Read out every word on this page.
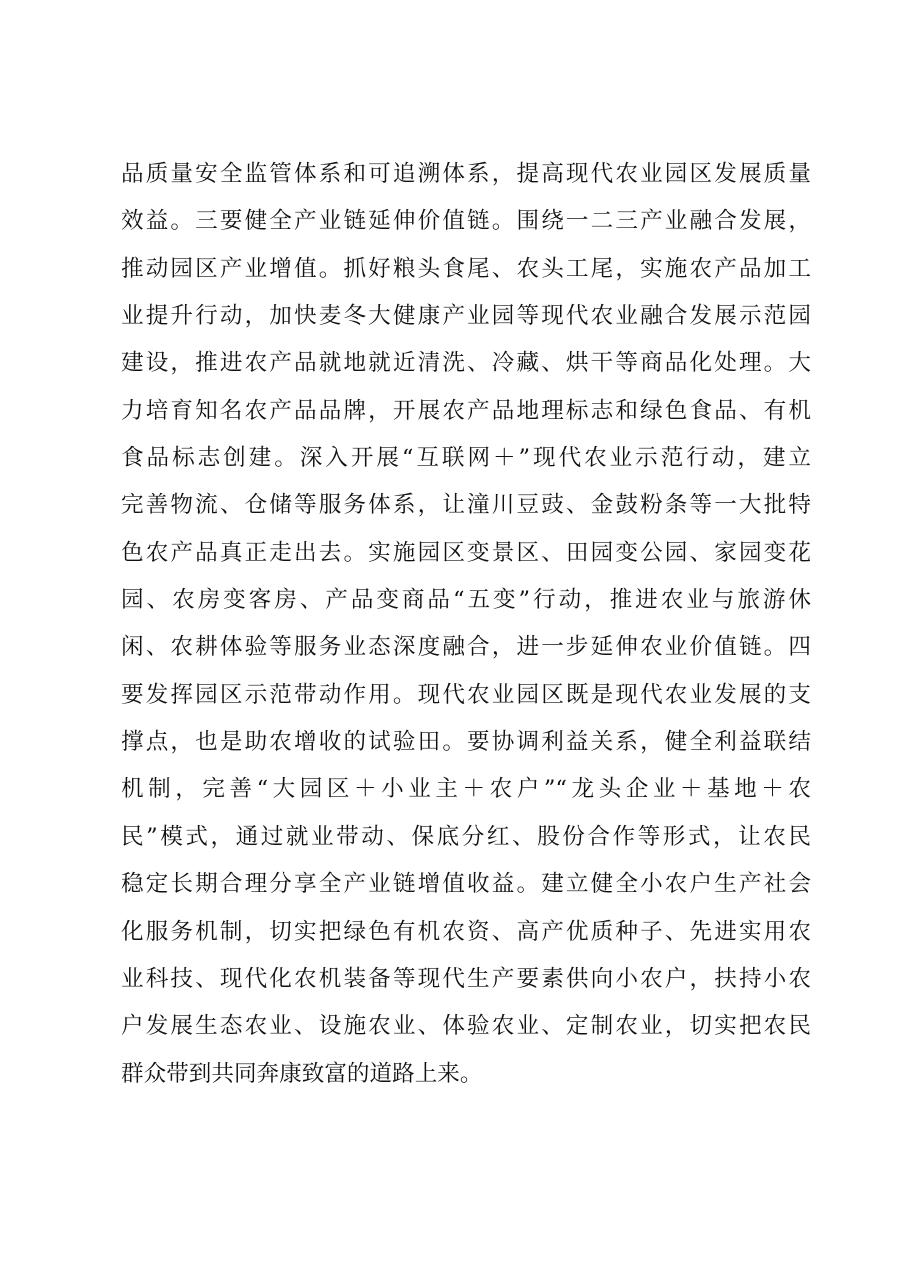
品质量安全监管体系和可追溯体系，提高现代农业园区发展质量
效益。三要健全产业链延伸价值链。围绕一二三产业融合发展，
推动园区产业增值。抓好粮头食尾、农头工尾，实施农产品加工
业提升行动，加快麦冬大健康产业园等现代农业融合发展示范园
建设，推进农产品就地就近清洗、冷藏、烘干等商品化处理。大
力培育知名农产品品牌，开展农产品地理标志和绿色食品、有机
食品标志创建。深入开展“互联网＋”现代农业示范行动，建立
完善物流、仓储等服务体系，让潼川豆豉、金鼓粉条等一大批特
色农产品真正走出去。实施园区变景区、田园变公园、家园变花
园、农房变客房、产品变商品“五变”行动，推进农业与旅游休
闲、农耕体验等服务业态深度融合，进一步延伸农业价值链。四
要发挥园区示范带动作用。现代农业园区既是现代农业发展的支
撑点，也是助农增收的试验田。要协调利益关系，健全利益联结
机制，完善“大园区＋小业主＋农户”“龙头企业＋基地＋农
民”模式，通过就业带动、保底分红、股份合作等形式，让农民
稳定长期合理分享全产业链增值收益。建立健全小农户生产社会
化服务机制，切实把绿色有机农资、高产优质种子、先进实用农
业科技、现代化农机装备等现代生产要素供向小农户，扶持小农
户发展生态农业、设施农业、体验农业、定制农业，切实把农民
群众带到共同奔康致富的道路上来。
